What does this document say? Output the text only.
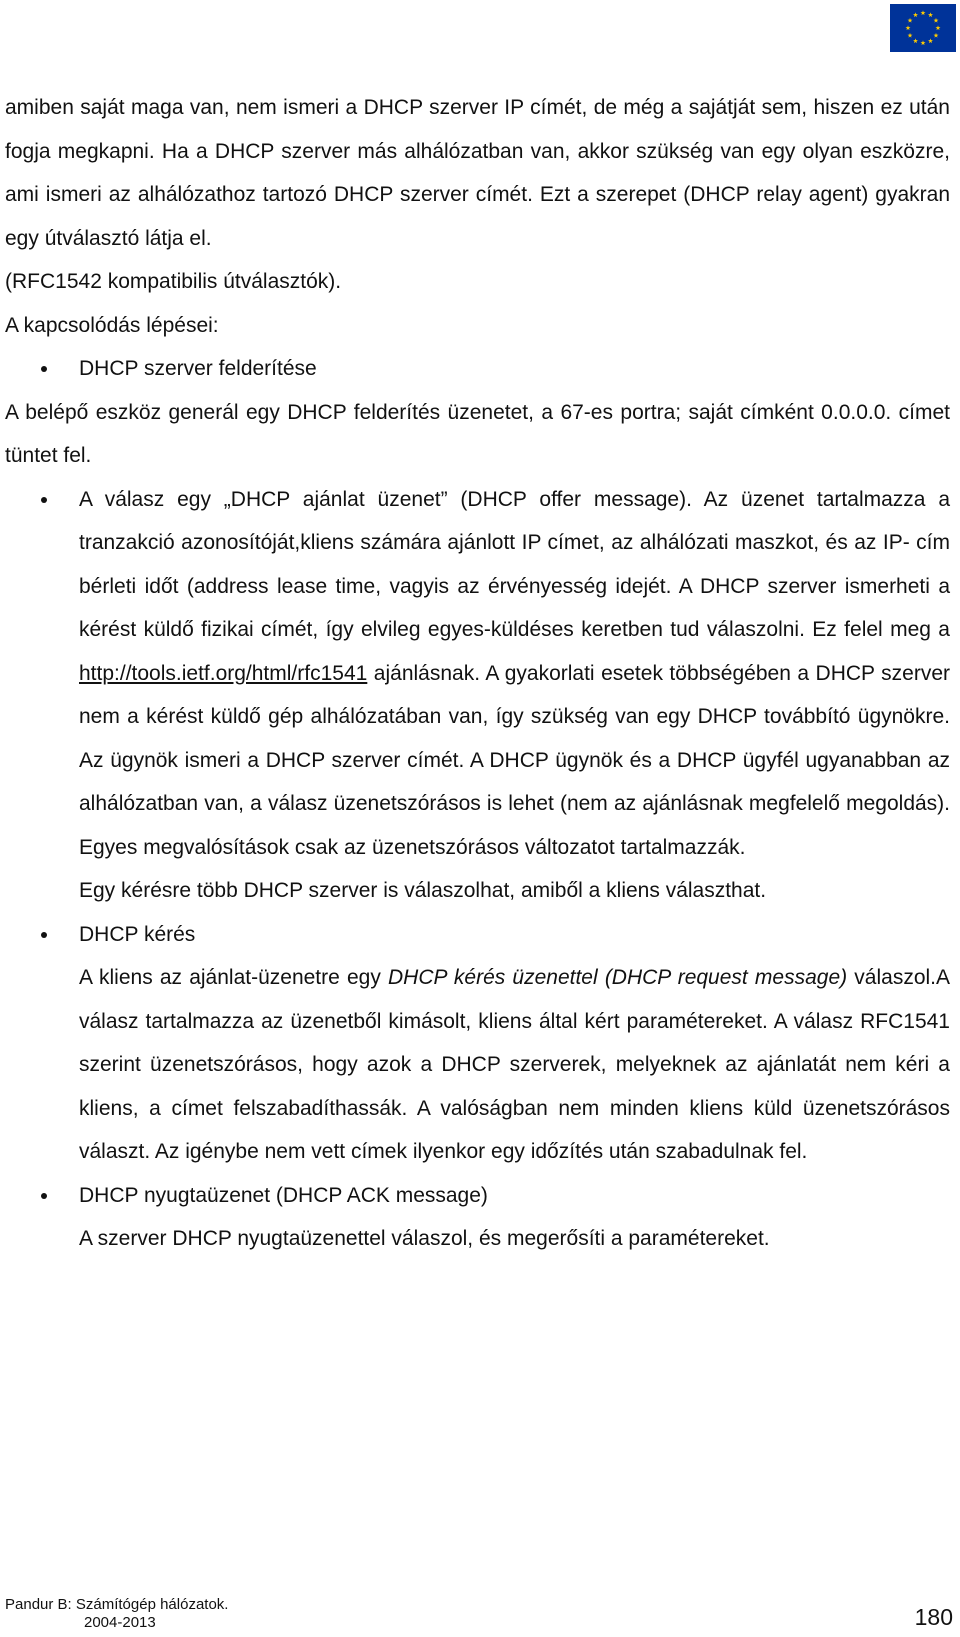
amiben saját maga van, nem ismeri a DHCP szerver IP címét, de még a sajátját sem, hiszen ez után fogja megkapni. Ha a DHCP szerver más alhálózatban van, akkor szükség van egy olyan eszközre, ami ismeri az alhálózathoz tartozó DHCP szerver címét. Ezt a szerepet (DHCP relay agent) gyakran egy útválasztó látja el.

(RFC1542 kompatibilis útválasztók).

A kapcsolódás lépései:

DHCP szerver felderítése

A belépő eszköz generál egy DHCP felderítés üzenetet, a 67-es portra; saját címként 0.0.0.0. címet tüntet fel.

A válasz egy „DHCP ajánlat üzenet” (DHCP offer message). Az üzenet tartalmazza a tranzakció azonosítóját,kliens számára ajánlott IP címet, az alhálózati maszkot, és az IP- cím bérleti időt (address lease time, vagyis az érvényesség idejét. A DHCP szerver ismerheti a kérést küldő fizikai címét, így elvileg egyes-küldéses keretben tud válaszolni. Ez felel meg a http://tools.ietf.org/html/rfc1541 ajánlásnak. A gyakorlati esetek többségében a DHCP szerver nem a kérést küldő gép alhálózatában van, így szükség van egy DHCP továbbító ügynökre. Az ügynök ismeri a DHCP szerver címét. A DHCP ügynök és a DHCP ügyfél ugyanabban az alhálózatban van, a válasz üzenetszórásos is lehet (nem az ajánlásnak megfelelő megoldás). Egyes megvalósítások csak az üzenetszórásos változatot tartalmazzák.

Egy kérésre több DHCP szerver is válaszolhat, amiből a kliens választhat.

DHCP kérés

A kliens az ajánlat-üzenetre egy DHCP kérés üzenettel (DHCP request message) válaszol.A válasz tartalmazza az üzenetből kimásolt, kliens által kért paramétereket. A válasz RFC1541 szerint üzenetszórásos, hogy azok a DHCP szerverek, melyeknek az ajánlatát nem kéri a kliens, a címet felszabadíthassák. A valóságban nem minden kliens küld üzenetszórásos választ. Az igénybe nem vett címek ilyenkor egy időzítés után szabadulnak fel.

DHCP nyugtaüzenet (DHCP ACK message)

A szerver DHCP nyugtaüzenettel válaszol, és megerősíti a paramétereket.

Pandur B: Számítógép hálózatok.
2004-2013	180
